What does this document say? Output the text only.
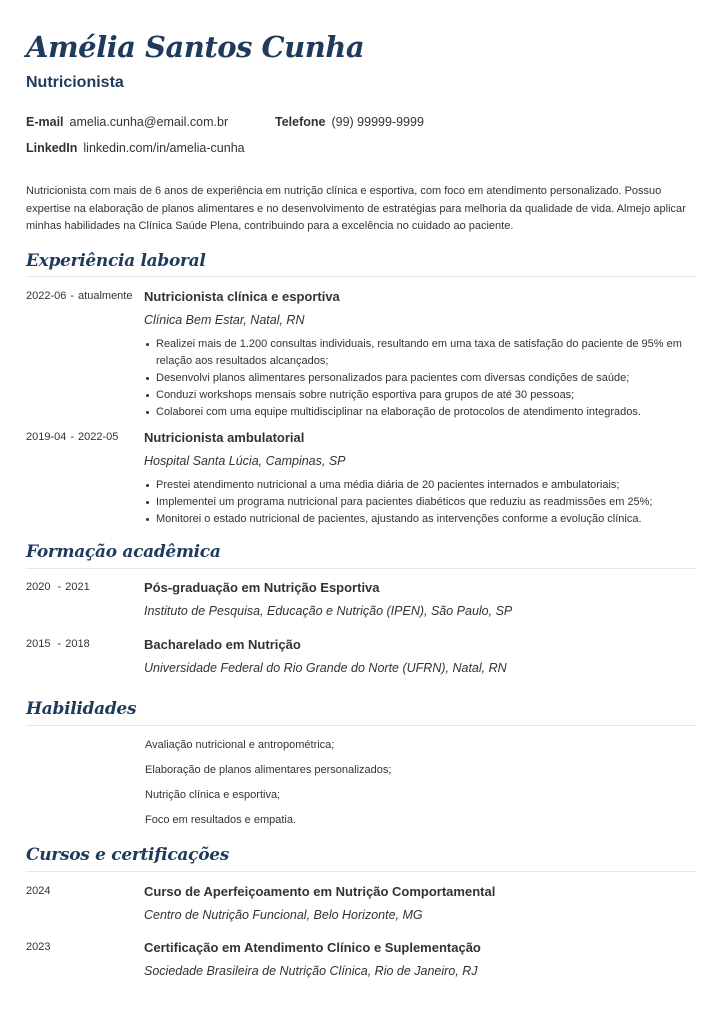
Amélia Santos Cunha
Nutricionista
E-mail amelia.cunha@email.com.br	Telefone (99) 99999-9999
LinkedIn linkedin.com/in/amelia-cunha

Nutricionista com mais de 6 anos de experiência em nutrição clínica e esportiva, com foco em atendimento personalizado. Possuo expertise na elaboração de planos alimentares e no desenvolvimento de estratégias para melhoria da qualidade de vida. Almejo aplicar minhas habilidades na Clínica Saúde Plena, contribuindo para a excelência no cuidado ao paciente.

Experiência laboral
2022-06 - atualmente Nutricionista clínica e esportiva
Clínica Bem Estar, Natal, RN
Realizei mais de 1.200 consultas individuais, resultando em uma taxa de satisfação do paciente de 95% em relação aos resultados alcançados;
Desenvolvi planos alimentares personalizados para pacientes com diversas condições de saúde;
Conduzi workshops mensais sobre nutrição esportiva para grupos de até 30 pessoas;
Colaborei com uma equipe multidisciplinar na elaboração de protocolos de atendimento integrados.
2019-04 - 2022-05 Nutricionista ambulatorial
Hospital Santa Lúcia, Campinas, SP
Prestei atendimento nutricional a uma média diária de 20 pacientes internados e ambulatoriais;
Implementei um programa nutricional para pacientes diabéticos que reduziu as readmissões em 25%;
Monitorei o estado nutricional de pacientes, ajustando as intervenções conforme a evolução clínica.
Formação acadêmica
2020 - 2021	Pós-graduação em Nutrição Esportiva
Instituto de Pesquisa, Educação e Nutrição (IPEN), São Paulo, SP
2015 - 2018	Bacharelado em Nutrição
Universidade Federal do Rio Grande do Norte (UFRN), Natal, RN
Habilidades
Avaliação nutricional e antropométrica;
Elaboração de planos alimentares personalizados;
Nutrição clínica e esportiva;
Foco em resultados e empatia.
Cursos e certificações
2024	Curso de Aperfeiçoamento em Nutrição Comportamental
Centro de Nutrição Funcional, Belo Horizonte, MG
2023	Certificação em Atendimento Clínico e Suplementação
Sociedade Brasileira de Nutrição Clínica, Rio de Janeiro, RJ
